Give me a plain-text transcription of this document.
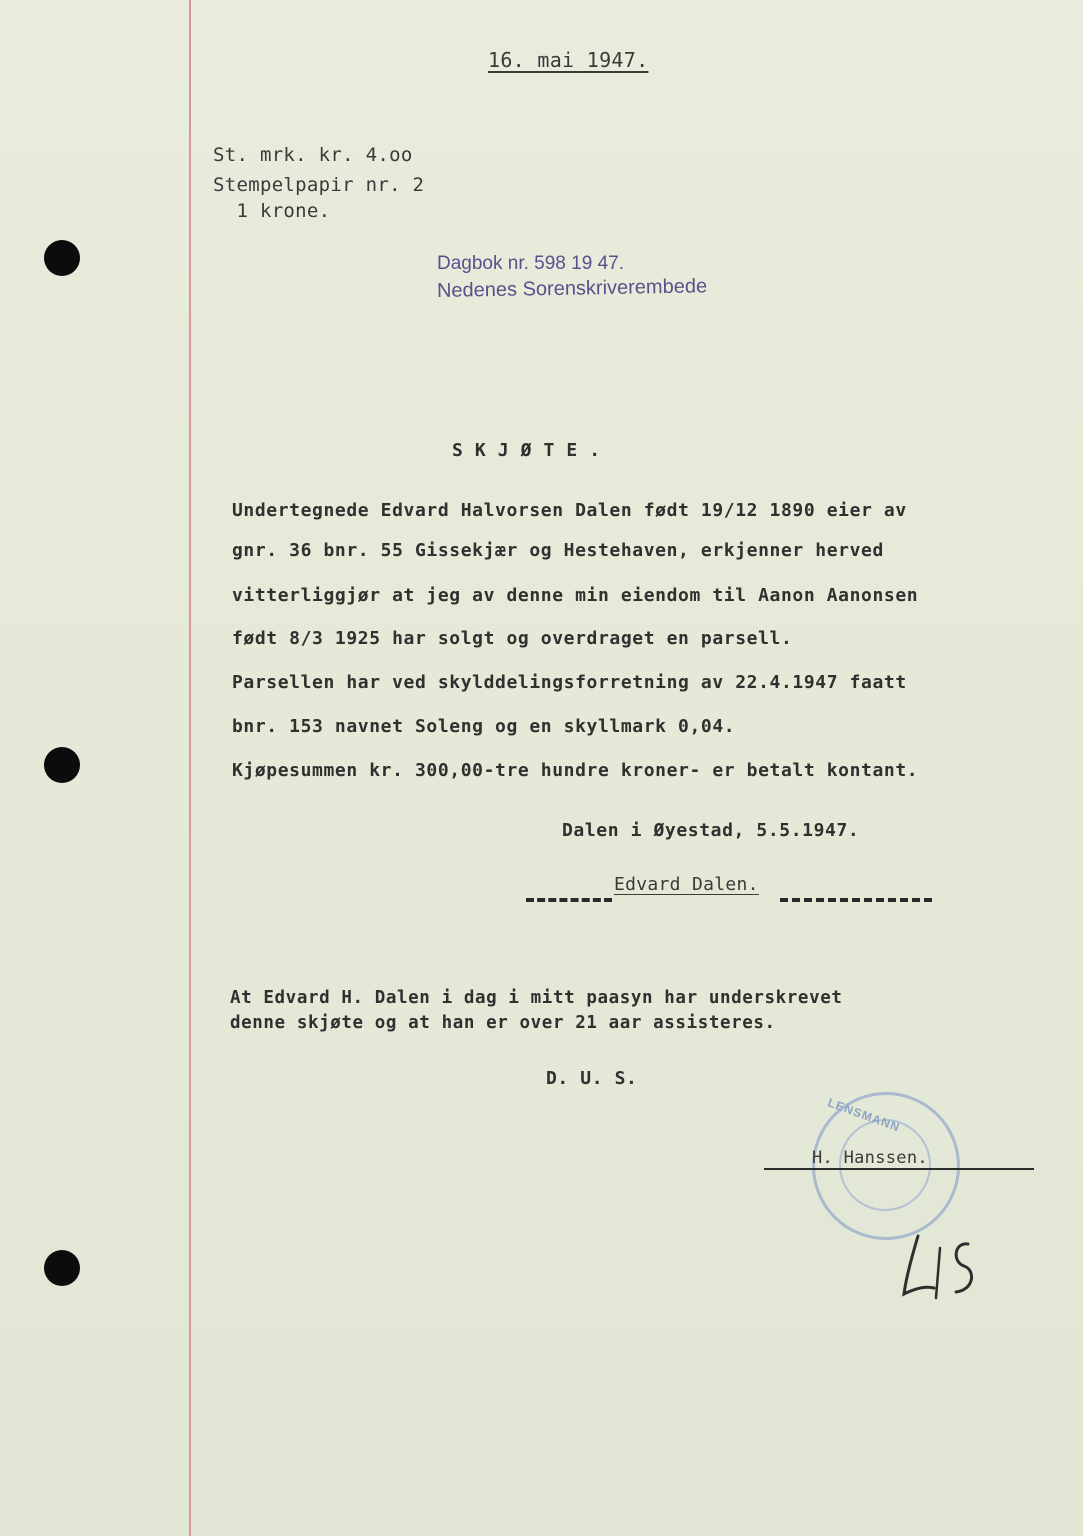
16. mai 1947.
St. mrk. kr. 4.oo
Stempelpapir nr. 2
1 krone.
Dagbok nr. 598 19 47.
Nedenes Sorenskriverembede
S K J Ø T E .
Undertegnede Edvard Halvorsen Dalen født 19/12 1890 eier av
gnr. 36 bnr. 55 Gissekjær og Hestehaven, erkjenner herved
vitterliggjør at jeg av denne min eiendom til Aanon Aanonsen
født 8/3 1925 har solgt og overdraget en parsell.
Parsellen har ved skylddelingsforretning av 22.4.1947 faatt
bnr. 153 navnet Soleng og en skyllmark 0,04.
Kjøpesummen kr. 300,00-tre hundre kroner- er betalt kontant.
Dalen i Øyestad, 5.5.1947.
Edvard Dalen.
At Edvard H. Dalen i dag i mitt paasyn har underskrevet
denne skjøte og at han er over 21 aar assisteres.
D. U. S.
LENSMANN
H. Hanssen.
